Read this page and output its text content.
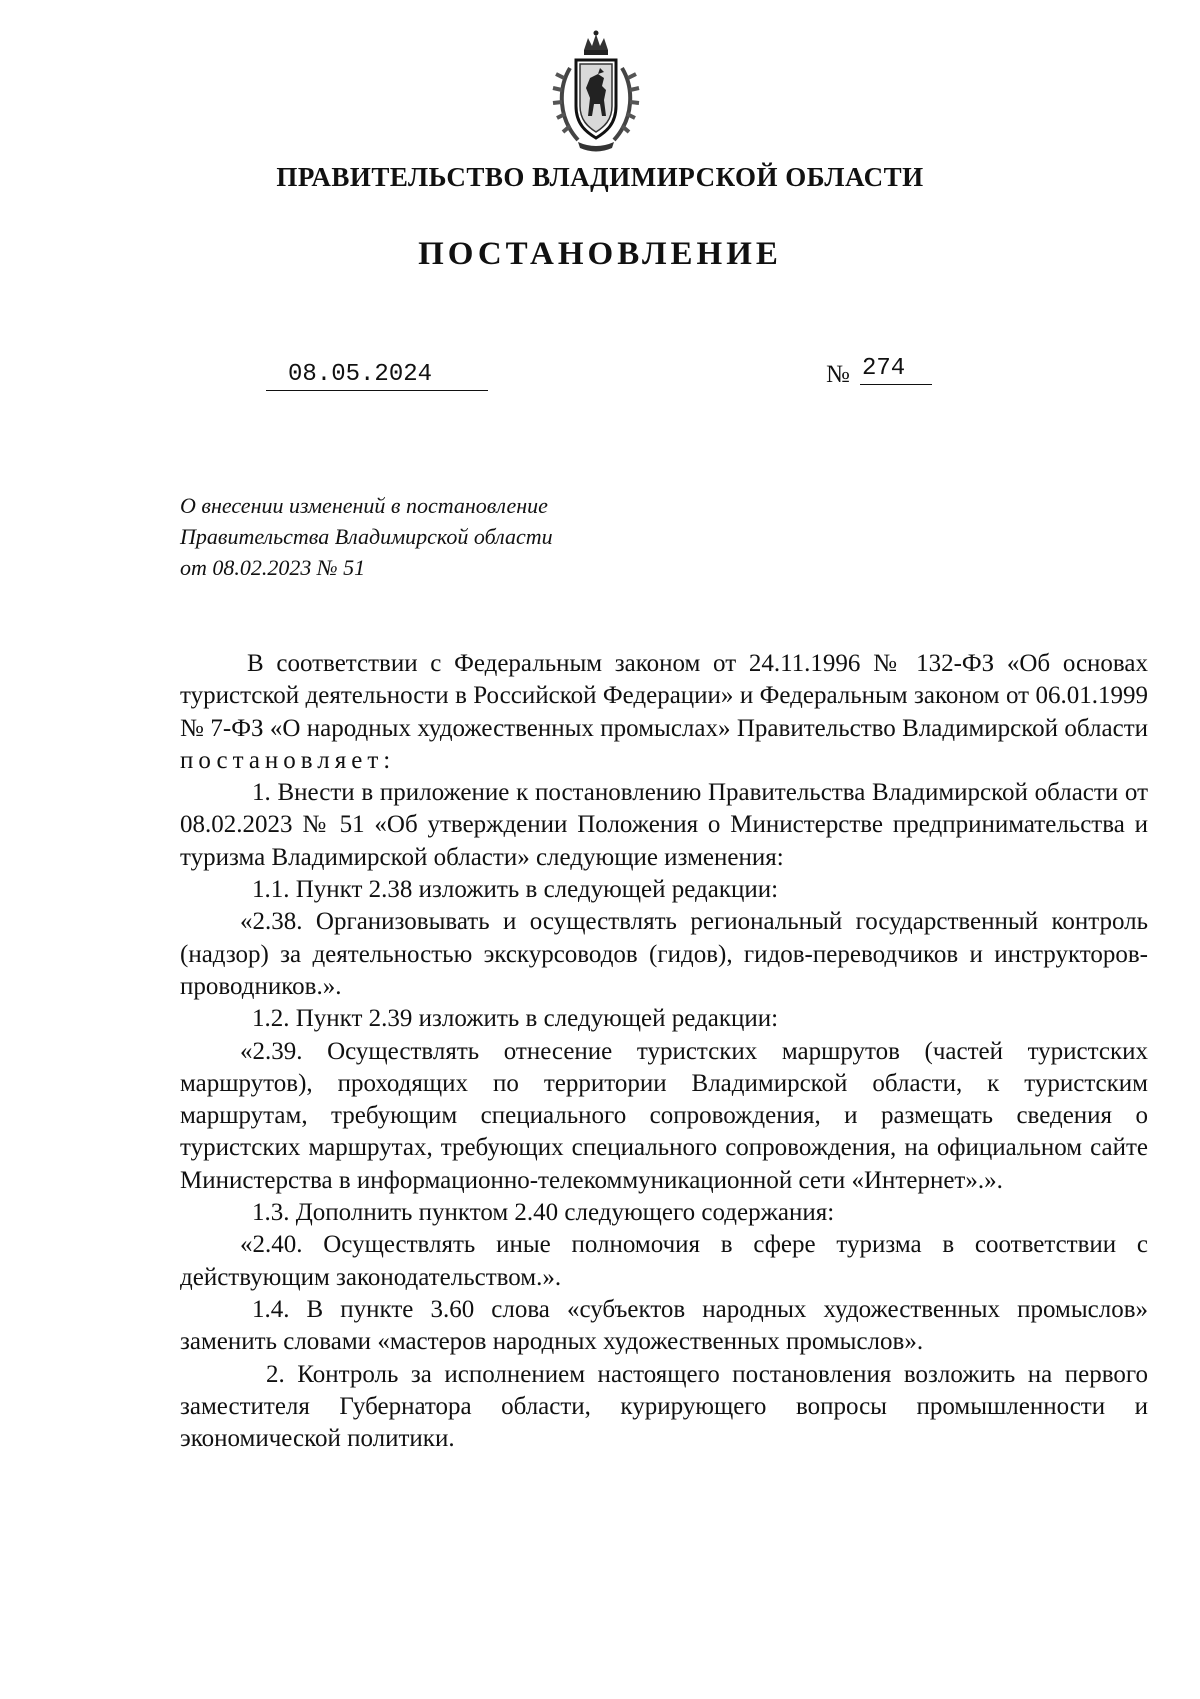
ПРАВИТЕЛЬСТВО ВЛАДИМИРСКОЙ ОБЛАСТИ
ПОСТАНОВЛЕНИЕ
08.05.2024	№ 274
О внесении изменений в постановление
Правительства Владимирской области
от 08.02.2023 № 51

В соответствии с Федеральным законом от 24.11.1996 № 132-ФЗ «Об основах туристской деятельности в Российской Федерации» и Федеральным законом от 06.01.1999 № 7-ФЗ «О народных художественных промыслах» Правительство Владимирской области постановляет:

1. Внести в приложение к постановлению Правительства Владимирской области от 08.02.2023 № 51 «Об утверждении Положения о Министерстве предпринимательства и туризма Владимирской области» следующие изменения:

1.1. Пункт 2.38 изложить в следующей редакции:

«2.38. Организовывать и осуществлять региональный государственный контроль (надзор) за деятельностью экскурсоводов (гидов), гидов-переводчиков и инструкторов-проводников.».

1.2. Пункт 2.39 изложить в следующей редакции:

«2.39. Осуществлять отнесение туристских маршрутов (частей туристских маршрутов), проходящих по территории Владимирской области, к туристским маршрутам, требующим специального сопровождения, и размещать сведения о туристских маршрутах, требующих специального сопровождения, на официальном сайте Министерства в информационно-телекоммуникационной сети «Интернет».».

1.3. Дополнить пунктом 2.40 следующего содержания:

«2.40. Осуществлять иные полномочия в сфере туризма в соответствии с действующим законодательством.».

1.4. В пункте 3.60 слова «субъектов народных художественных промыслов» заменить словами «мастеров народных художественных промыслов».

2. Контроль за исполнением настоящего постановления возложить на первого заместителя Губернатора области, курирующего вопросы промышленности и экономической политики.
